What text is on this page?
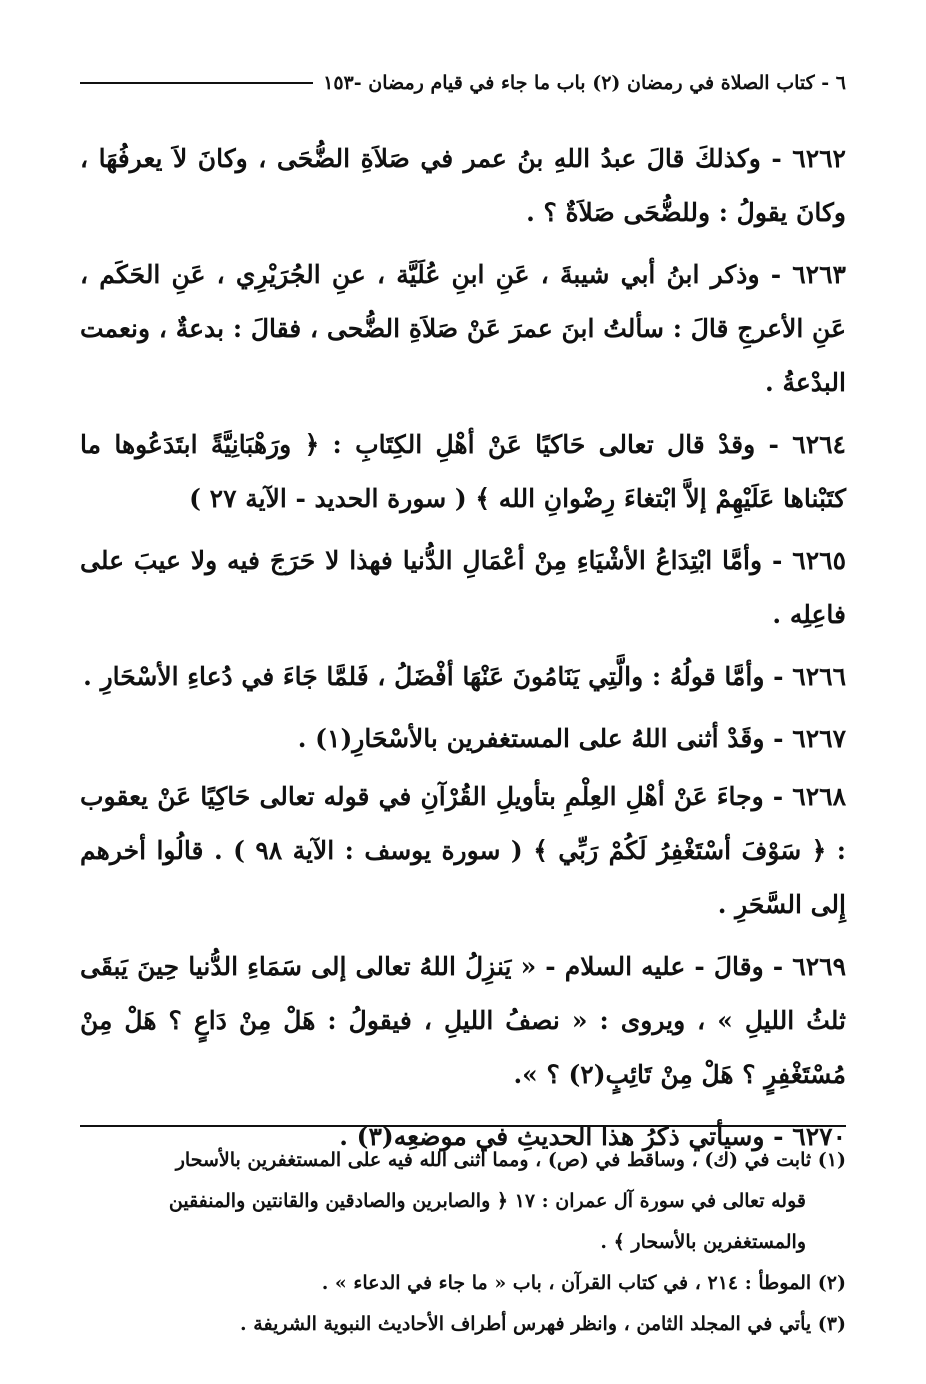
٦ - كتاب الصلاة في رمضان (٢) باب ما جاء في قيام رمضان -١٥٣

٦٢٦٢ - وكذلكَ قالَ عبدُ اللهِ بنُ عمر في صَلاَةِ الضُّحَى ، وكانَ لاَ يعرفُهَا ، وكانَ يقولُ : وللضُّحَى صَلاَةٌ ؟ .

٦٢٦٣ - وذكر ابنُ أبي شيبةَ ، عَنِ ابنِ عُلَيَّة ، عنِ الجُرَيْرِي ، عَنِ الحَكَم ، عَنِ الأعرجِ قالَ : سألتُ ابنَ عمرَ عَنْ صَلاَةِ الضُّحى ، فقالَ : بدعةٌ ، ونعمت البدْعةُ .

٦٢٦٤ - وقدْ قال تعالى حَاكيًا عَنْ أهْلِ الكِتَابِ : ﴿ ورَهْبَانِيَّةً ابتَدَعُوها ما كتَبْناها عَلَيْهِمْ إلاَّ ابْتغاءَ رِضْوانِ الله ﴾ ( سورة الحديد - الآية ٢٧ )

٦٢٦٥ - وأمَّا ابْتِدَاعُ الأشْيَاءِ مِنْ أعْمَالِ الدُّنيا فهذا لا حَرَجَ فيه ولا عيبَ على فاعِلِه .

٦٢٦٦ - وأمَّا قولُهُ : والَّتِي يَنَامُونَ عَنْهَا أفْضَلُ ، فَلمَّا جَاءَ في دُعاءِ الأسْحَارِ .

٦٢٦٧ - وقَدْ أثنى اللهُ على المستغفرين بالأسْحَارِ(١) .

٦٢٦٨ - وجاءَ عَنْ أهْلِ العِلْمِ بتأويلِ القُرْآنِ في قوله تعالى حَاكِيًا عَنْ يعقوب : ﴿ سَوْفَ أسْتَغْفِرُ لَكُمْ رَبِّي ﴾ ( سورة يوسف : الآية ٩٨ ) . قالُوا أخرهم إِلى السَّحَرِ .

٦٢٦٩ - وقالَ - عليه السلام - « يَنزِلُ اللهُ تعالى إلى سَمَاءِ الدُّنيا حِينَ يَبقَى ثلثُ الليلِ » ، ويروى : « نصفُ الليلِ ، فيقولُ : هَلْ مِنْ دَاعٍ ؟ هَلْ مِنْ مُسْتَغْفِرٍ ؟ هَلْ مِنْ تَائِبٍ(٢) ؟ ».

٦٢٧٠ - وسيأتي ذكرُ هذا الحديثِ في موضعِه(٣) .

(١) ثابت في (ك) ، وساقط في (ص) ، ومما أثنى الله فيه على المستغفرين بالأسحار

قوله تعالى في سورة آل عمران : ١٧ ﴿ والصابرين والصادقين والقانتين والمنفقين

والمستغفرين بالأسحار ﴾ .

(٢) الموطأ : ٢١٤ ، في كتاب القرآن ، باب « ما جاء في الدعاء » .

(٣) يأتي في المجلد الثامن ، وانظر فهرس أطراف الأحاديث النبوية الشريفة .
